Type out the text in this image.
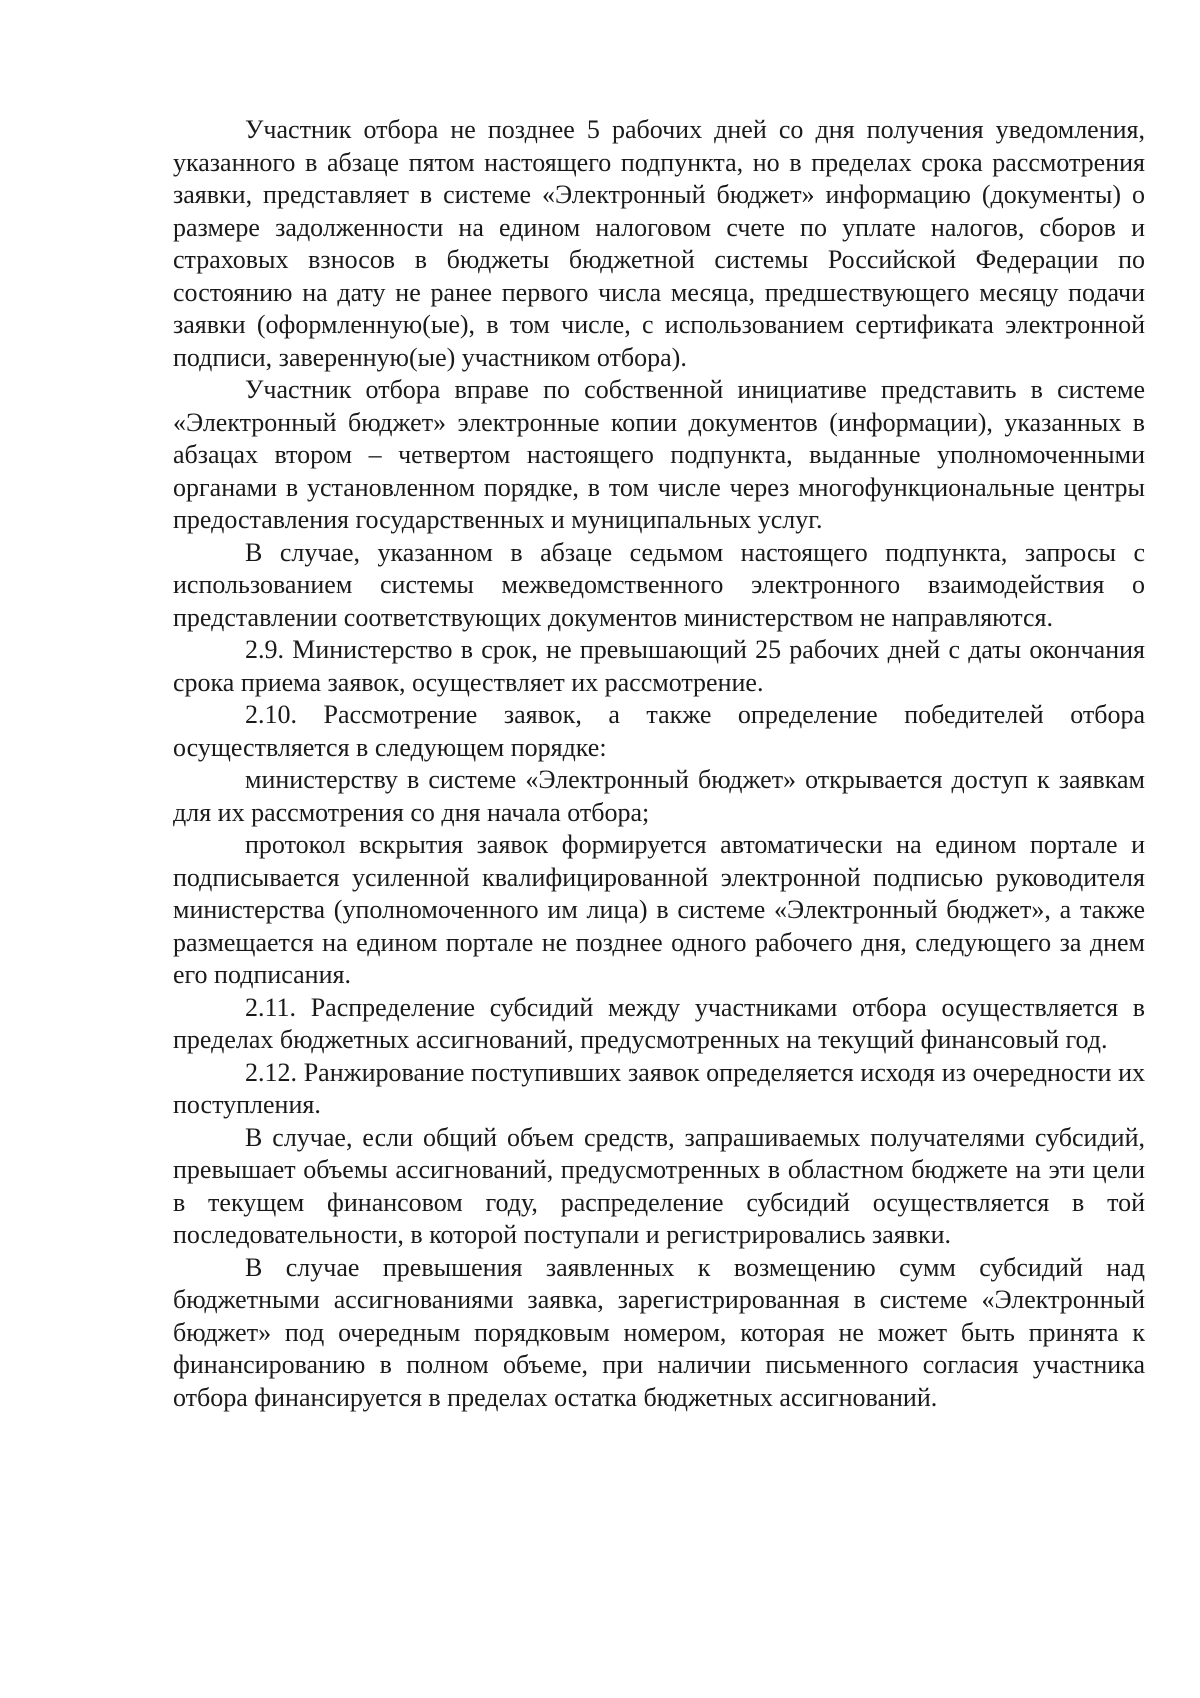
Участник отбора не позднее 5 рабочих дней со дня получения уведомления, указанного в абзаце пятом настоящего подпункта, но в пределах срока рассмотрения заявки, представляет в системе «Электронный бюджет» информацию (документы) о размере задолженности на едином налоговом счете по уплате налогов, сборов и страховых взносов в бюджеты бюджетной системы Российской Федерации по состоянию на дату не ранее первого числа месяца, предшествующего месяцу подачи заявки (оформленную(ые), в том числе, с использованием сертификата электронной подписи, заверенную(ые) участником отбора).

Участник отбора вправе по собственной инициативе представить в системе «Электронный бюджет» электронные копии документов (информации), указанных в абзацах втором – четвертом настоящего подпункта, выданные уполномоченными органами в установленном порядке, в том числе через многофункциональные центры предоставления государственных и муниципальных услуг.

В случае, указанном в абзаце седьмом настоящего подпункта, запросы с использованием системы межведомственного электронного взаимодействия о представлении соответствующих документов министерством не направляются.

2.9. Министерство в срок, не превышающий 25 рабочих дней с даты окончания срока приема заявок, осуществляет их рассмотрение.

2.10. Рассмотрение заявок, а также определение победителей отбора осуществляется в следующем порядке:

министерству в системе «Электронный бюджет» открывается доступ к заявкам для их рассмотрения со дня начала отбора;

протокол вскрытия заявок формируется автоматически на едином портале и подписывается усиленной квалифицированной электронной подписью руководителя министерства (уполномоченного им лица) в системе «Электронный бюджет», а также размещается на едином портале не позднее одного рабочего дня, следующего за днем его подписания.

2.11. Распределение субсидий между участниками отбора осуществляется в пределах бюджетных ассигнований, предусмотренных на текущий финансовый год.

2.12. Ранжирование поступивших заявок определяется исходя из очередности их поступления.

В случае, если общий объем средств, запрашиваемых получателями субсидий, превышает объемы ассигнований, предусмотренных в областном бюджете на эти цели в текущем финансовом году, распределение субсидий осуществляется в той последовательности, в которой поступали и регистрировались заявки.

В случае превышения заявленных к возмещению сумм субсидий над бюджетными ассигнованиями заявка, зарегистрированная в системе «Электронный бюджет» под очередным порядковым номером, которая не может быть принята к финансированию в полном объеме, при наличии письменного согласия участника отбора финансируется в пределах остатка бюджетных ассигнований.
